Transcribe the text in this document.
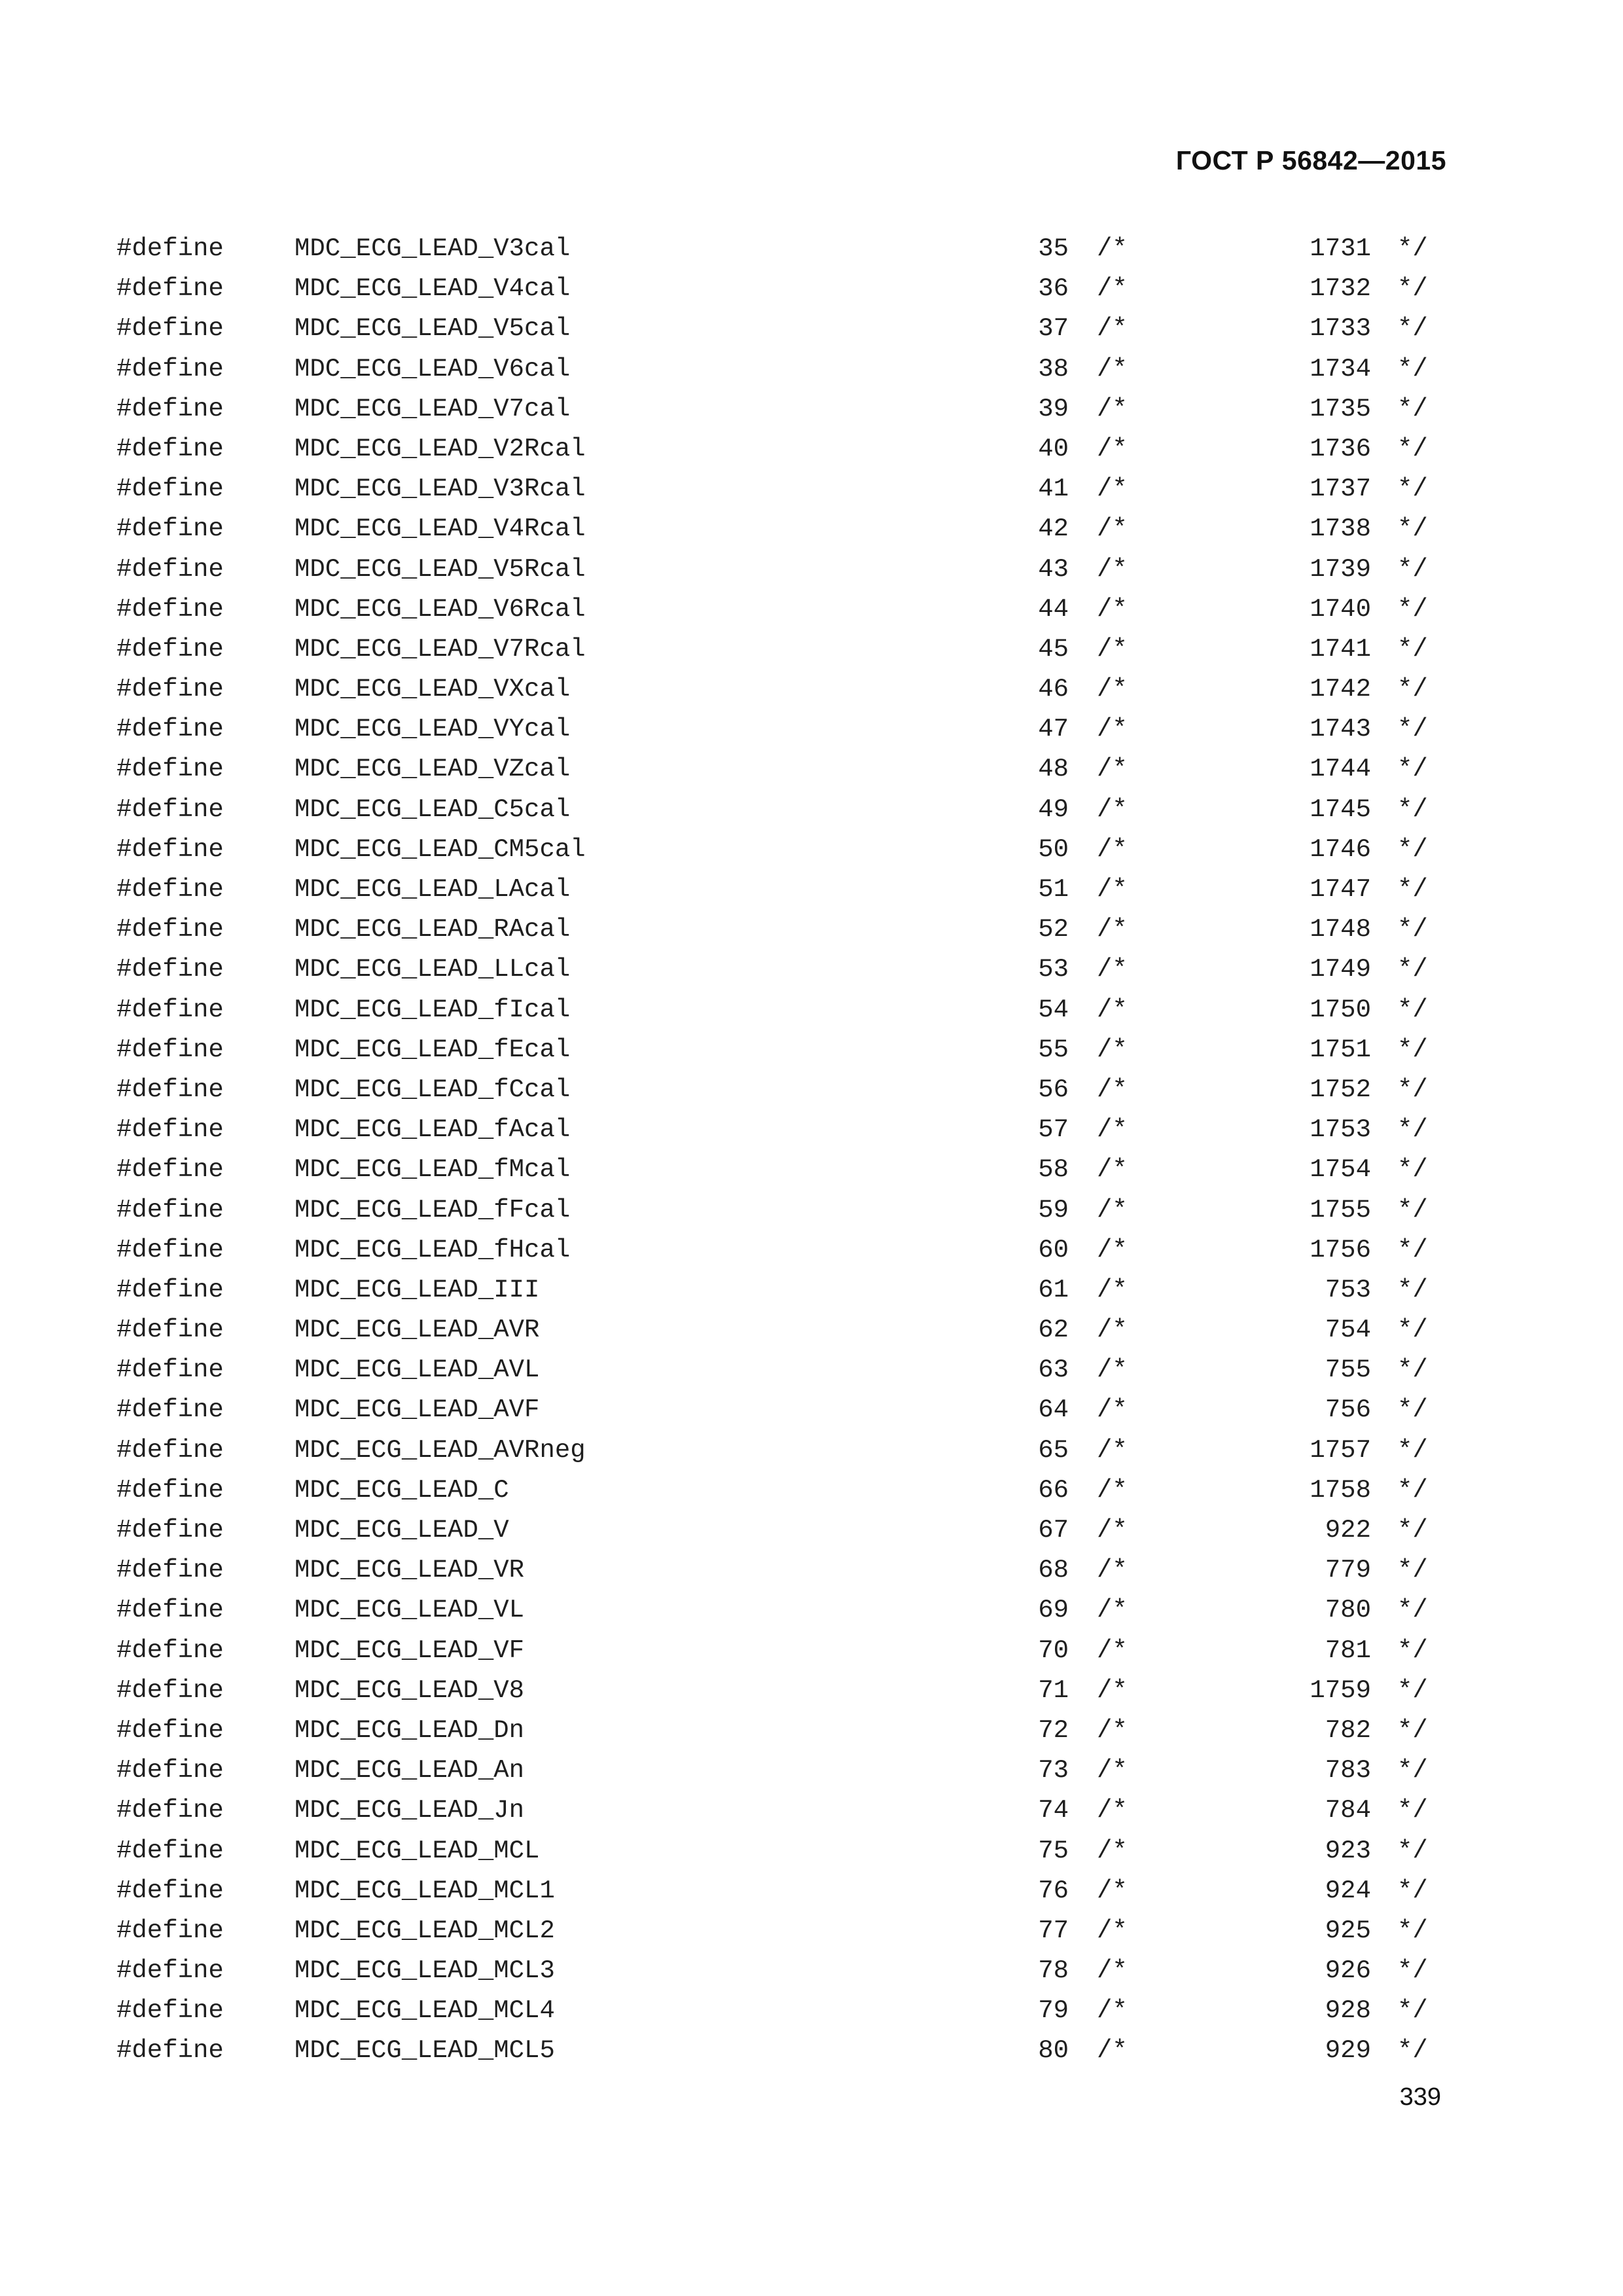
ГОСТ Р 56842—2015
#define	MDC_ECG_LEAD_V3cal	35 /*	1731 */
#define	MDC_ECG_LEAD_V4cal	36 /*	1732 */
#define	MDC_ECG_LEAD_V5cal	37 /*	1733 */
#define	MDC_ECG_LEAD_V6cal	38 /*	1734 */
#define	MDC_ECG_LEAD_V7cal	39 /*	1735 */
#define	MDC_ECG_LEAD_V2Rcal	40 /*	1736 */
#define	MDC_ECG_LEAD_V3Rcal	41 /*	1737 */
#define	MDC_ECG_LEAD_V4Rcal	42 /*	1738 */
#define	MDC_ECG_LEAD_V5Rcal	43 /*	1739 */
#define	MDC_ECG_LEAD_V6Rcal	44 /*	1740 */
#define	MDC_ECG_LEAD_V7Rcal	45 /*	1741 */
#define	MDC_ECG_LEAD_VXcal	46 /*	1742 */
#define	MDC_ECG_LEAD_VYcal	47 /*	1743 */
#define	MDC_ECG_LEAD_VZcal	48 /*	1744 */
#define	MDC_ECG_LEAD_C5cal	49 /*	1745 */
#define	MDC_ECG_LEAD_CM5cal	50 /*	1746 */
#define	MDC_ECG_LEAD_LAcal	51 /*	1747 */
#define	MDC_ECG_LEAD_RAcal	52 /*	1748 */
#define	MDC_ECG_LEAD_LLcal	53 /*	1749 */
#define	MDC_ECG_LEAD_fIcal	54 /*	1750 */
#define	MDC_ECG_LEAD_fEcal	55 /*	1751 */
#define	MDC_ECG_LEAD_fCcal	56 /*	1752 */
#define	MDC_ECG_LEAD_fAcal	57 /*	1753 */
#define	MDC_ECG_LEAD_fMcal	58 /*	1754 */
#define	MDC_ECG_LEAD_fFcal	59 /*	1755 */
#define	MDC_ECG_LEAD_fHcal	60 /*	1756 */
#define	MDC_ECG_LEAD_III	61 /*	753 */
#define	MDC_ECG_LEAD_AVR	62 /*	754 */
#define	MDC_ECG_LEAD_AVL	63 /*	755 */
#define	MDC_ECG_LEAD_AVF	64 /*	756 */
#define	MDC_ECG_LEAD_AVRneg	65 /*	1757 */
#define	MDC_ECG_LEAD_C	66 /*	1758 */
#define	MDC_ECG_LEAD_V	67 /*	922 */
#define	MDC_ECG_LEAD_VR	68 /*	779 */
#define	MDC_ECG_LEAD_VL	69 /*	780 */
#define	MDC_ECG_LEAD_VF	70 /*	781 */
#define	MDC_ECG_LEAD_V8	71 /*	1759 */
#define	MDC_ECG_LEAD_Dn	72 /*	782 */
#define	MDC_ECG_LEAD_An	73 /*	783 */
#define	MDC_ECG_LEAD_Jn	74 /*	784 */
#define	MDC_ECG_LEAD_MCL	75 /*	923 */
#define	MDC_ECG_LEAD_MCL1	76 /*	924 */
#define	MDC_ECG_LEAD_MCL2	77 /*	925 */
#define	MDC_ECG_LEAD_MCL3	78 /*	926 */
#define	MDC_ECG_LEAD_MCL4	79 /*	928 */
#define	MDC_ECG_LEAD_MCL5	80 /*	929 */
339
